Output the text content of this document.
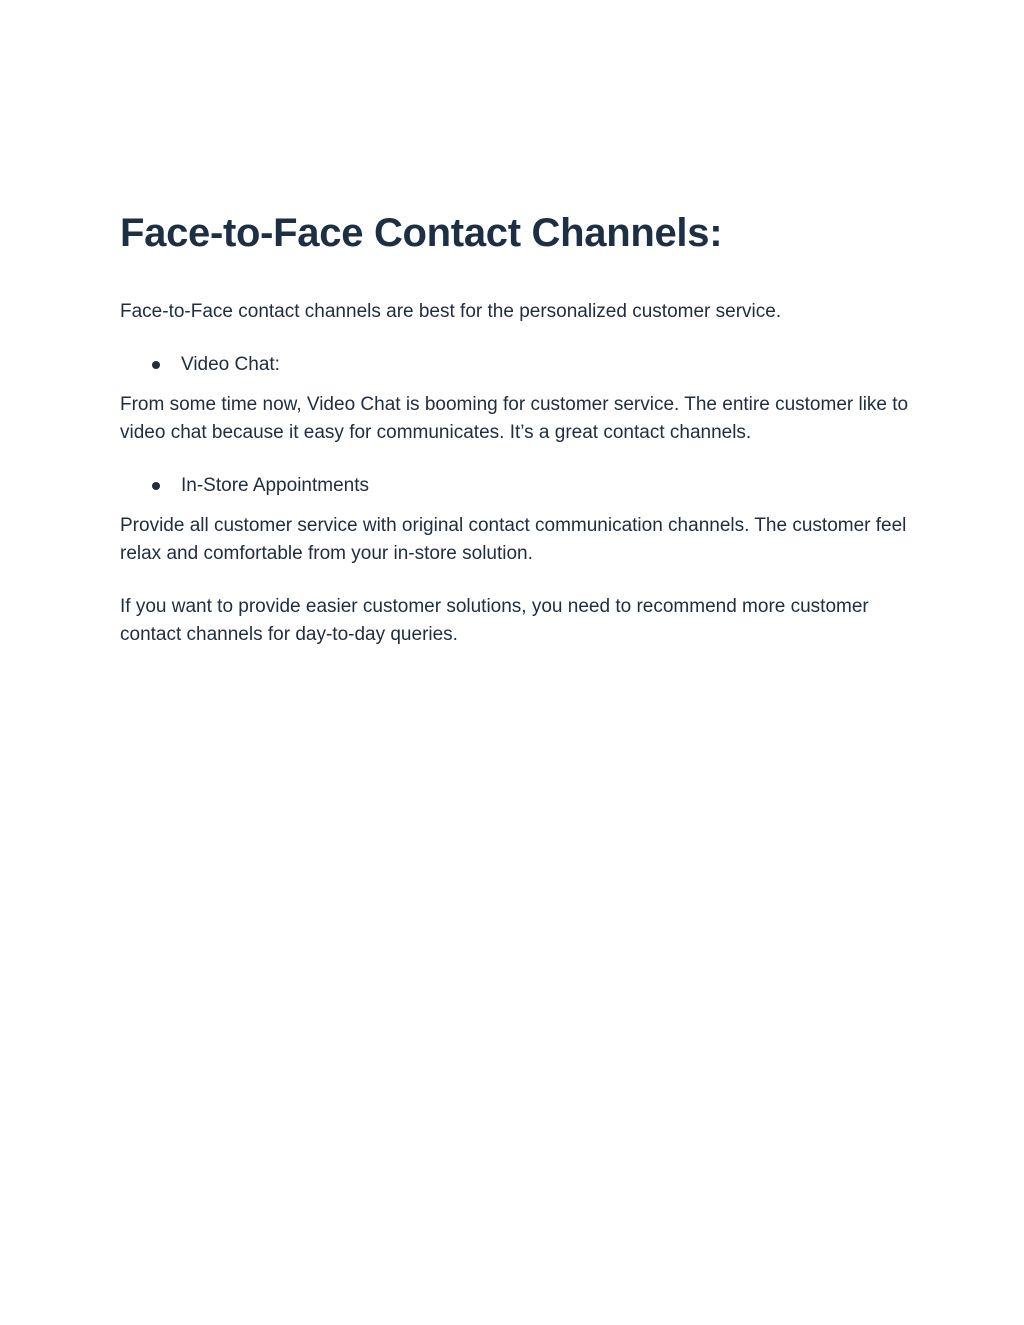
Face-to-Face Contact Channels:

Face-to-Face contact channels are best for the personalized customer service.

Video Chat:

From some time now, Video Chat is booming for customer service. The entire customer like to video chat because it easy for communicates. It’s a great contact channels.

In-Store Appointments

Provide all customer service with original contact communication channels. The customer feel relax and comfortable from your in-store solution.

If you want to provide easier customer solutions, you need to recommend more customer contact channels for day-to-day queries.
